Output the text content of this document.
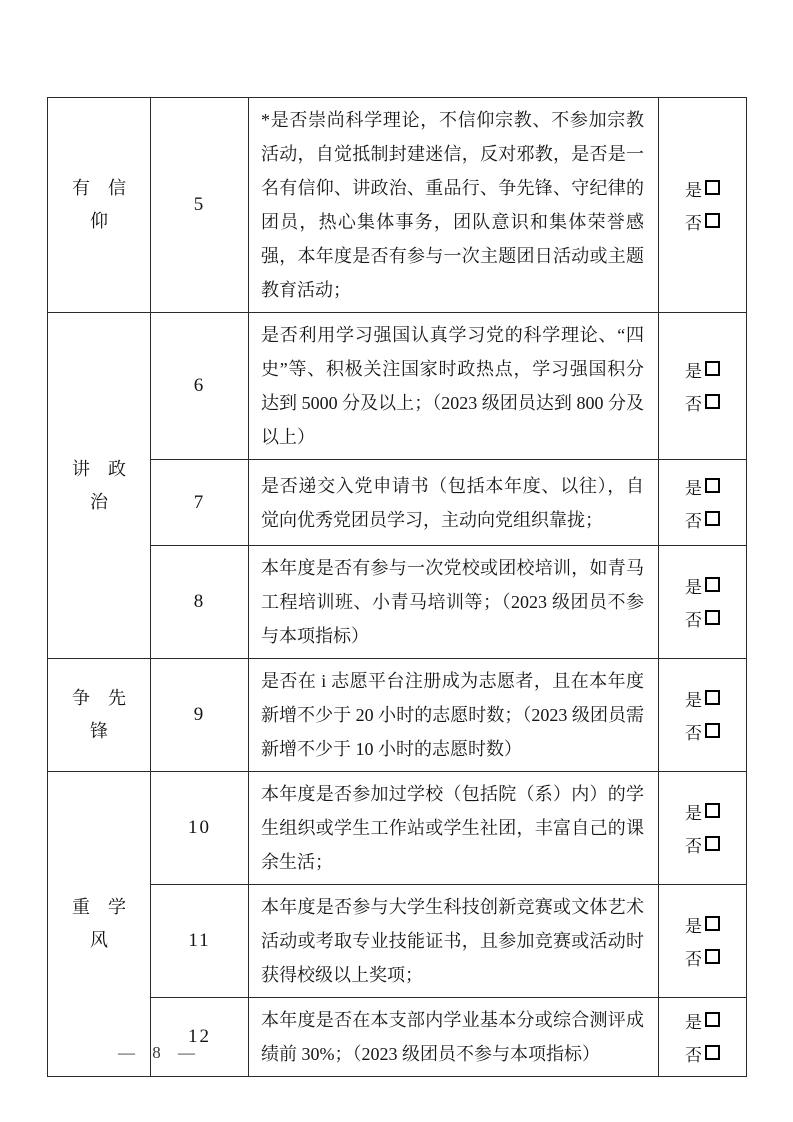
有　信
仰
	5	*是否崇尚科学理论，不信仰宗教、不参加宗教活动，自觉抵制封建迷信，反对邪教，是否是一名有信仰、讲政治、重品行、争先锋、守纪律的团员，热心集体事务，团队意识和集体荣誉感强，本年度是否有参与一次主题团日活动或主题教育活动；	
是
否

讲　政
治
	6	是否利用学习强国认真学习党的科学理论、“四史”等、积极关注国家时政热点，学习强国积分达到 5000 分及以上；（2023 级团员达到 800 分及以上）	
是
否

	7	是否递交入党申请书（包括本年度、以往），自觉向优秀党团员学习，主动向党组织靠拢；	是
否

	8	本年度是否有参与一次党校或团校培训，如青马工程培训班、小青马培训等；（2023 级团员不参与本项指标）	是
否

争　先
锋
	9	是否在 i 志愿平台注册成为志愿者，且在本年度新增不少于 20 小时的志愿时数；（2023 级团员需新增不少于 10 小时的志愿时数）	
是
否

重　学
风
	10	本年度是否参加过学校（包括院（系）内）的学生组织或学生工作站或学生社团，丰富自己的课余生活；	
是
否

	11	本年度是否参与大学生科技创新竞赛或文体艺术活动或考取专业技能证书，且参加竞赛或活动时获得校级以上奖项；	是
否

	12	本年度是否在本支部内学业基本分或综合测评成绩前 30%；（2023 级团员不参与本项指标）	是
否
— 8 —
